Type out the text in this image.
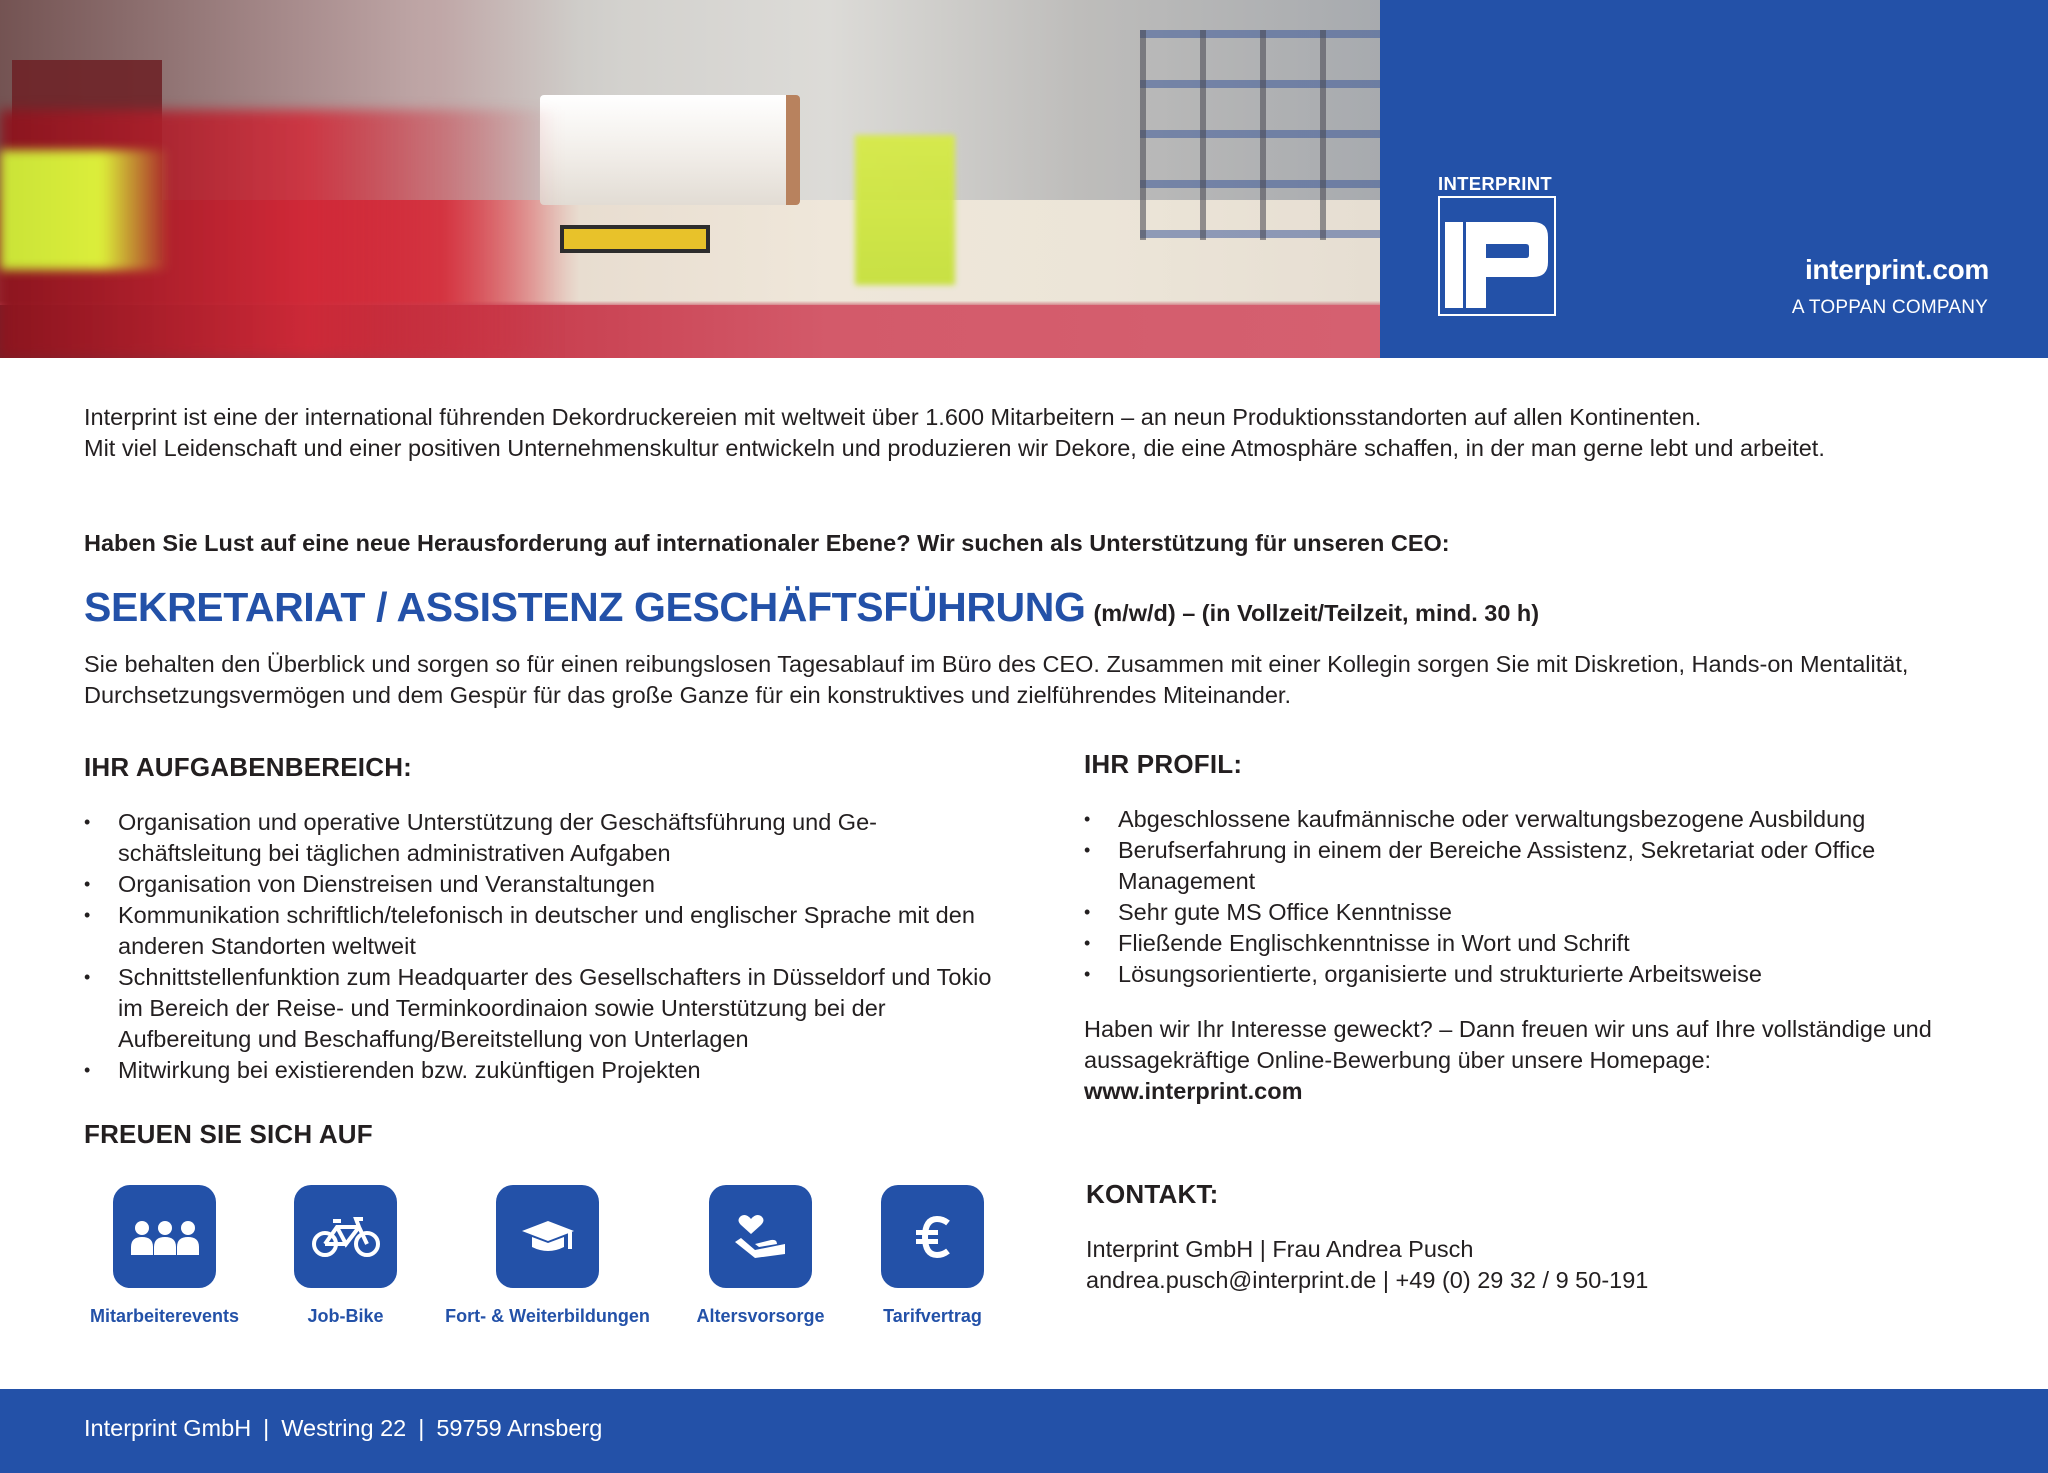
INTERPRINT
interprint.com
A TOPPAN COMPANY
Interprint ist eine der international führenden Dekordruckereien mit weltweit über 1.600 Mitarbeitern – an neun Produktionsstandorten auf allen Kontinenten.
Mit viel Leidenschaft und einer positiven Unternehmenskultur entwickeln und produzieren wir Dekore, die eine Atmosphäre schaffen, in der man gerne lebt und arbeitet.
Haben Sie Lust auf eine neue Herausforderung auf internationaler Ebene? Wir suchen als Unterstützung für unseren CEO:
SEKRETARIAT / ASSISTENZ GESCHÄFTSFÜHRUNG (m/w/d) – (in Vollzeit/Teilzeit, mind. 30 h)
Sie behalten den Überblick und sorgen so für einen reibungslosen Tagesablauf im Büro des CEO. Zusammen mit einer Kollegin sorgen Sie mit Diskretion, Hands-on Mentalität, Durchsetzungsvermögen und dem Gespür für das große Ganze für ein konstruktives und zielführendes Miteinander.
IHR AUFGABENBEREICH:
• Organisation und operative Unterstützung der Geschäftsführung und Geschäftsleitung bei täglichen administrativen Aufgaben
• Organisation von Dienstreisen und Veranstaltungen
• Kommunikation schriftlich/telefonisch in deutscher und englischer Sprache mit den anderen Standorten weltweit
• Schnittstellenfunktion zum Headquarter des Gesellschafters in Düsseldorf und Tokio im Bereich der Reise- und Terminkoordinaion sowie Unterstützung bei der Aufbereitung und Beschaffung/Bereitstellung von Unterlagen
• Mitwirkung bei existierenden bzw. zukünftigen Projekten
IHR PROFIL:
• Abgeschlossene kaufmännische oder verwaltungsbezogene Ausbildung
• Berufserfahrung in einem der Bereiche Assistenz, Sekretariat oder Office Management
• Sehr gute MS Office Kenntnisse
• Fließende Englischkenntnisse in Wort und Schrift
• Lösungsorientierte, organisierte und strukturierte Arbeitsweise
Haben wir Ihr Interesse geweckt? – Dann freuen wir uns auf Ihre vollständige und aussagekräftige Online-Bewerbung über unsere Homepage:
www.interprint.com
FREUEN SIE SICH AUF
Mitarbeiterevents	Job-Bike	Fort- & Weiterbildungen	Altersvorsorge	Tarifvertrag
KONTAKT:
Interprint GmbH | Frau Andrea Pusch
andrea.pusch@interprint.de | +49 (0) 29 32 / 9 50-191
Interprint GmbH | Westring 22 | 59759 Arnsberg
